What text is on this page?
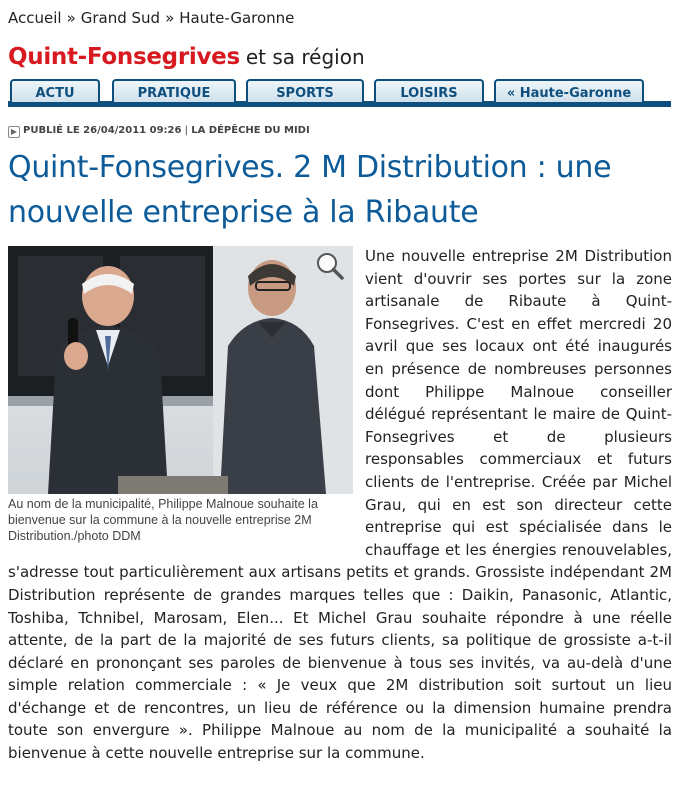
Accueil » Grand Sud » Haute-Garonne
Quint-Fonsegrives et sa région
ACTU	PRATIQUE	SPORTS	LOISIRS	« Haute-Garonne
▶ PUBLIÉ LE 26/04/2011 09:26 | LA DÉPÊCHE DU MIDI
Quint-Fonsegrives. 2 M Distribution : une nouvelle entreprise à la Ribaute
Au nom de la municipalité, Philippe Malnoue souhaite la bienvenue sur la commune à la nouvelle entreprise 2M Distribution./photo DDM

Une nouvelle entreprise 2M Distribution vient d'ouvrir ses portes sur la zone artisanale de Ribaute à Quint-Fonsegrives. C'est en effet mercredi 20 avril que ses locaux ont été inaugurés en présence de nombreuses personnes dont Philippe Malnoue conseiller délégué représentant le maire de Quint-Fonsegrives et de plusieurs responsables commerciaux et futurs clients de l'entreprise. Créée par Michel Grau, qui en est son directeur cette entreprise qui est spécialisée dans le chauffage et les énergies renouvelables, s'adresse tout particulièrement aux artisans petits et grands. Grossiste indépendant 2M Distribution représente de grandes marques telles que : Daikin, Panasonic, Atlantic, Toshiba, Tchnibel, Marosam, Elen... Et Michel Grau souhaite répondre à une réelle attente, de la part de la majorité de ses futurs clients, sa politique de grossiste a-t-il déclaré en prononçant ses paroles de bienvenue à tous ses invités, va au-delà d'une simple relation commerciale : « Je veux que 2M distribution soit surtout un lieu d'échange et de rencontres, un lieu de référence ou la dimension humaine prendra toute son envergure ». Philippe Malnoue au nom de la municipalité a souhaité la bienvenue à cette nouvelle entreprise sur la commune.
